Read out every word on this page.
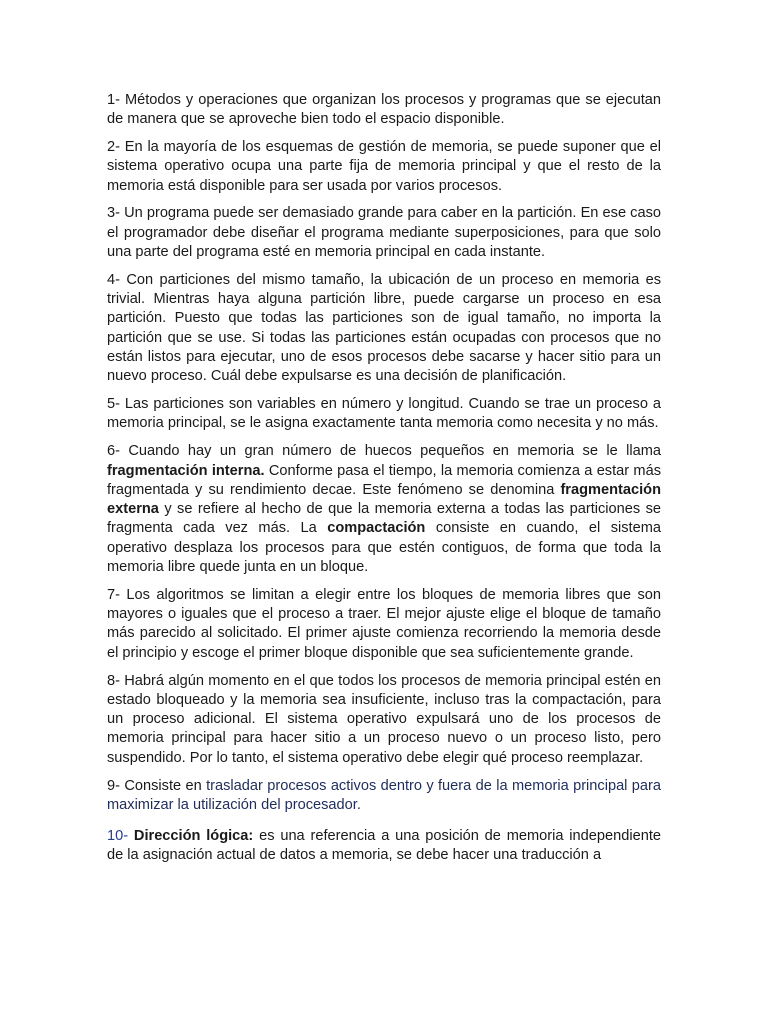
1- Métodos y operaciones que organizan los procesos y programas que se ejecutan de manera que se aproveche bien todo el espacio disponible.

2- En la mayoría de los esquemas de gestión de memoria, se puede suponer que el sistema operativo ocupa una parte fija de memoria principal y que el resto de la memoria está disponible para ser usada por varios procesos.

3- Un programa puede ser demasiado grande para caber en la partición. En ese caso el programador debe diseñar el programa mediante superposiciones, para que solo una parte del programa esté en memoria principal en cada instante.

4- Con particiones del mismo tamaño, la ubicación de un proceso en memoria es trivial. Mientras haya alguna partición libre, puede cargarse un proceso en esa partición. Puesto que todas las particiones son de igual tamaño, no importa la partición que se use. Si todas las particiones están ocupadas con procesos que no están listos para ejecutar, uno de esos procesos debe sacarse y hacer sitio para un nuevo proceso. Cuál debe expulsarse es una decisión de planificación.

5- Las particiones son variables en número y longitud. Cuando se trae un proceso a memoria principal, se le asigna exactamente tanta memoria como necesita y no más.

6- Cuando hay un gran número de huecos pequeños en memoria se le llama fragmentación interna. Conforme pasa el tiempo, la memoria comienza a estar más fragmentada y su rendimiento decae. Este fenómeno se denomina fragmentación externa y se refiere al hecho de que la memoria externa a todas las particiones se fragmenta cada vez más. La compactación consiste en cuando, el sistema operativo desplaza los procesos para que estén contiguos, de forma que toda la memoria libre quede junta en un bloque.

7- Los algoritmos se limitan a elegir entre los bloques de memoria libres que son mayores o iguales que el proceso a traer. El mejor ajuste elige el bloque de tamaño más parecido al solicitado. El primer ajuste comienza recorriendo la memoria desde el principio y escoge el primer bloque disponible que sea suficientemente grande.

8- Habrá algún momento en el que todos los procesos de memoria principal estén en estado bloqueado y la memoria sea insuficiente, incluso tras la compactación, para un proceso adicional. El sistema operativo expulsará uno de los procesos de memoria principal para hacer sitio a un proceso nuevo o un proceso listo, pero suspendido. Por lo tanto, el sistema operativo debe elegir qué proceso reemplazar.

9- Consiste en trasladar procesos activos dentro y fuera de la memoria principal para maximizar la utilización del procesador.

10- Dirección lógica: es una referencia a una posición de memoria independiente de la asignación actual de datos a memoria, se debe hacer una traducción a
